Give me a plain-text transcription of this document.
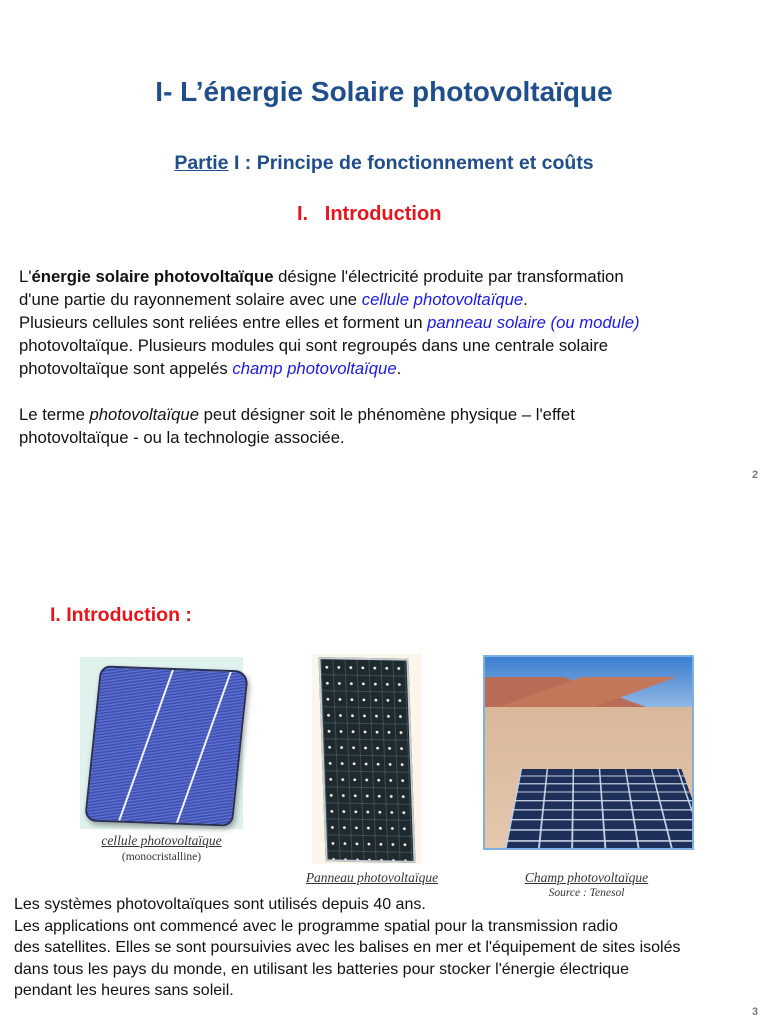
I- L’énergie Solaire photovoltaïque
Partie I : Principe de fonctionnement et coûts
I.   Introduction
L'énergie solaire photovoltaïque désigne l'électricité produite par transformation
d'une partie du rayonnement solaire avec une cellule photovoltaïque.
Plusieurs cellules sont reliées entre elles et forment un panneau solaire (ou module)
photovoltaïque. Plusieurs modules qui sont regroupés dans une centrale solaire
photovoltaïque sont appelés champ photovoltaïque.
Le terme photovoltaïque peut désigner soit le phénomène physique – l'effet
photovoltaïque - ou la technologie associée.
2
I. Introduction :
cellule photovoltaïque
(monocristalline)
Panneau photovoltaïque	Champ photovoltaïque
Source : Tenesol
Les systèmes photovoltaïques sont utilisés depuis 40 ans.
Les applications ont commencé avec le programme spatial pour la transmission radio
des satellites. Elles se sont poursuivies avec les balises en mer et l'équipement de sites isolés
dans tous les pays du monde, en utilisant les batteries pour stocker l'énergie électrique
pendant les heures sans soleil.
3
